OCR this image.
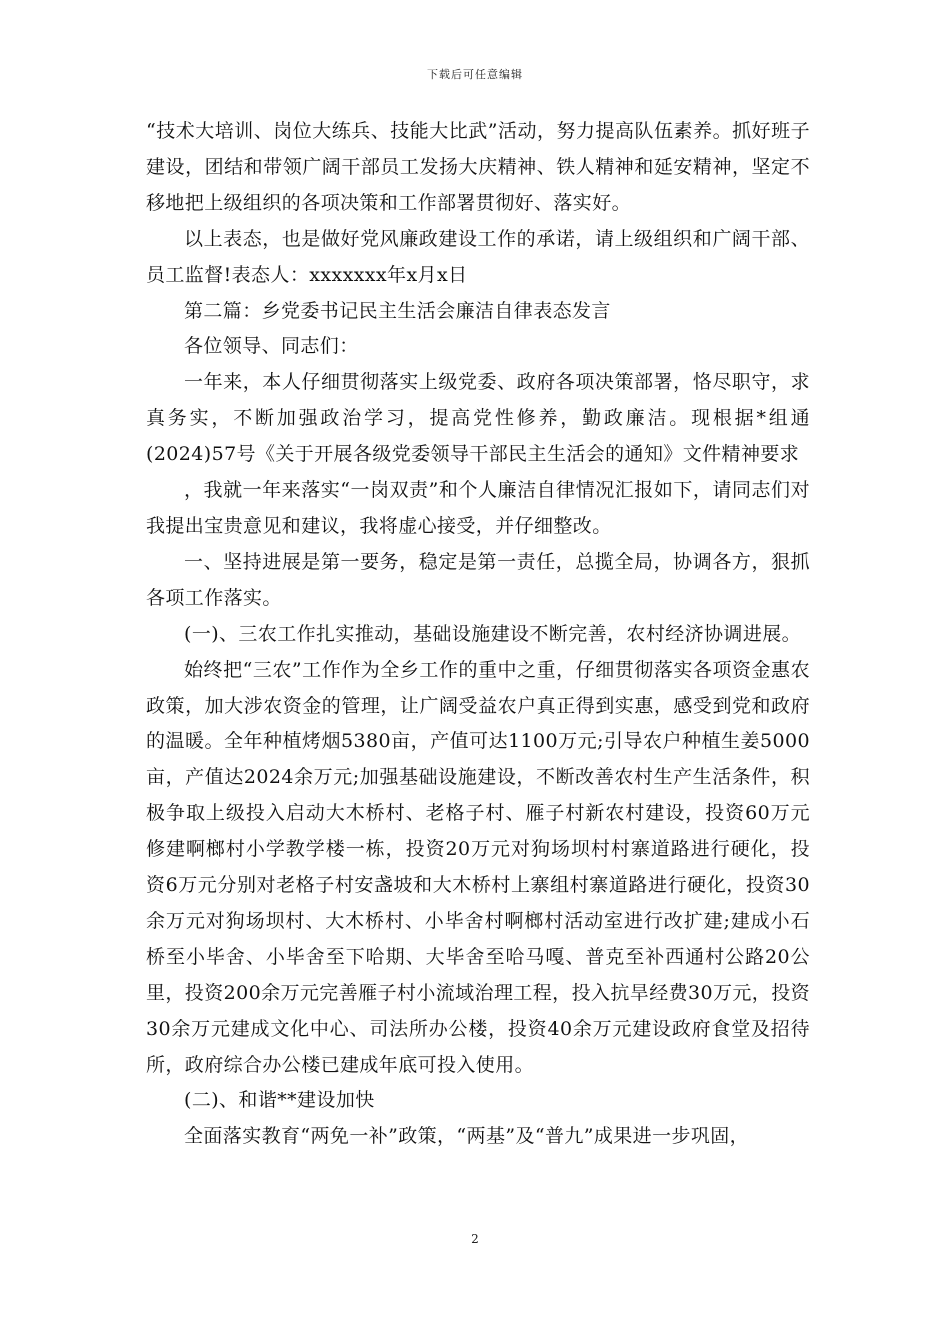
下载后可任意编辑

“技术大培训、岗位大练兵、技能大比武”活动，努力提高队伍素养。抓好班子建设，团结和带领广阔干部员工发扬大庆精神、铁人精神和延安精神，坚定不移地把上级组织的各项决策和工作部署贯彻好、落实好。

以上表态，也是做好党风廉政建设工作的承诺，请上级组织和广阔干部、员工监督!表态人：xxxxxxx年x月x日

第二篇：乡党委书记民主生活会廉洁自律表态发言

各位领导、同志们：

一年来，本人仔细贯彻落实上级党委、政府各项决策部署，恪尽职守，求真务实，不断加强政治学习，提高党性修养，勤政廉洁。现根据*组通(2024)57号《关于开展各级党委领导干部民主生活会的通知》文件精神要求

，我就一年来落实“一岗双责”和个人廉洁自律情况汇报如下，请同志们对我提出宝贵意见和建议，我将虚心接受，并仔细整改。

一、坚持进展是第一要务，稳定是第一责任，总揽全局，协调各方，狠抓各项工作落实。

(一)、三农工作扎实推动，基础设施建设不断完善，农村经济协调进展。

始终把“三农”工作作为全乡工作的重中之重，仔细贯彻落实各项资金惠农政策，加大涉农资金的管理，让广阔受益农户真正得到实惠，感受到党和政府的温暖。全年种植烤烟5380亩，产值可达1100万元;引导农户种植生姜5000亩，产值达2024余万元;加强基础设施建设，不断改善农村生产生活条件，积极争取上级投入启动大木桥村、老格子村、雁子村新农村建设，投资60万元修建啊榔村小学教学楼一栋，投资20万元对狗场坝村村寨道路进行硬化，投资6万元分别对老格子村安盏坡和大木桥村上寨组村寨道路进行硬化，投资30余万元对狗场坝村、大木桥村、小毕舍村啊榔村活动室进行改扩建;建成小石桥至小毕舍、小毕舍至下哈期、大毕舍至哈马嘎、普克至补西通村公路20公里，投资200余万元完善雁子村小流域治理工程，投入抗旱经费30万元，投资30余万元建成文化中心、司法所办公楼，投资40余万元建设政府食堂及招待所，政府综合办公楼已建成年底可投入使用。

(二)、和谐**建设加快

全面落实教育“两免一补”政策，“两基”及“普九”成果进一步巩固，

2
